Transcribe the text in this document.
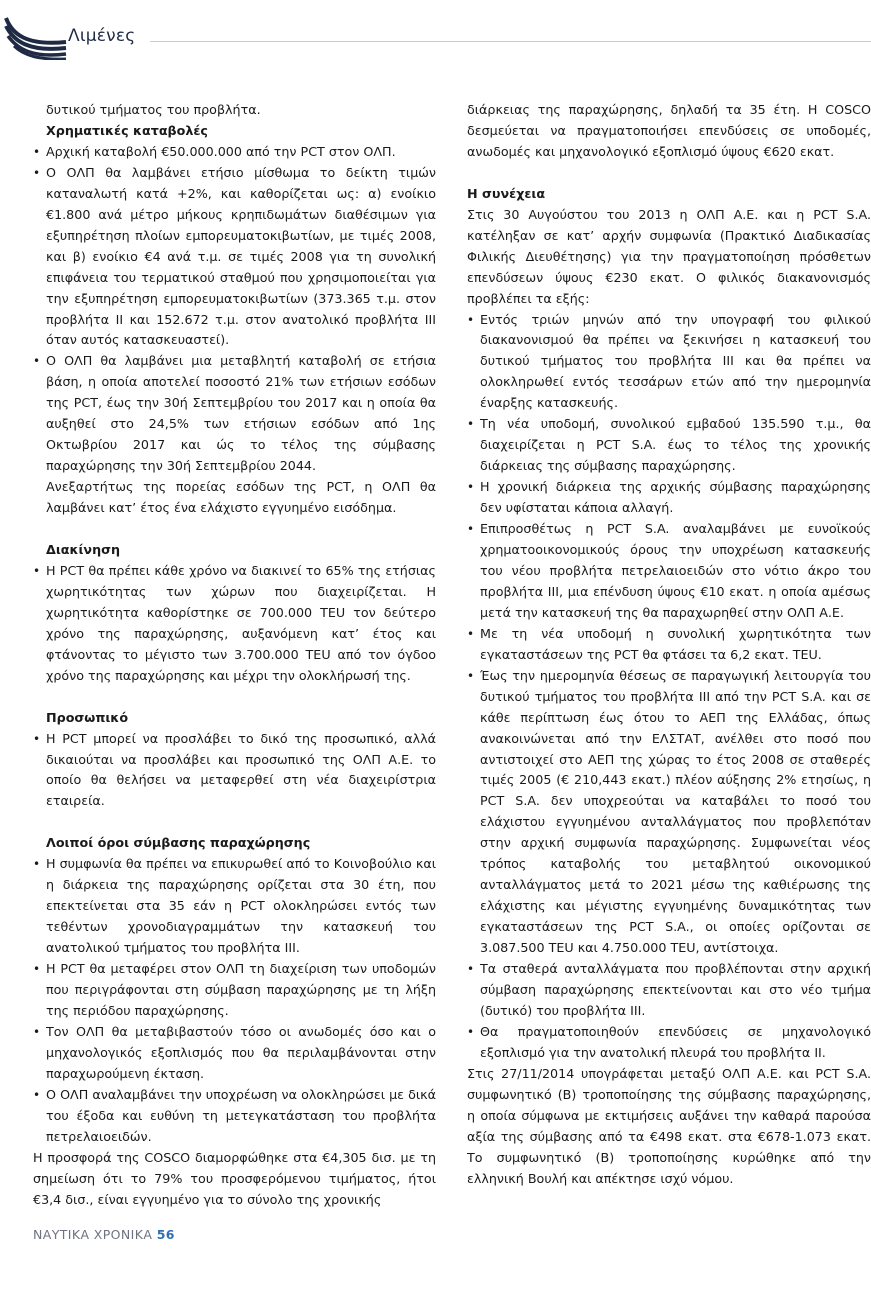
Λιμένες

δυτικού τμήματος του προβλήτα.

Χρηματικές καταβολές
• Αρχική καταβολή €50.000.000 από την PCT στον ΟΛΠ.
• Ο ΟΛΠ θα λαμβάνει ετήσιο μίσθωμα το δείκτη τιμών καταναλωτή κατά +2%, και καθορίζεται ως: α) ενοίκιο €1.800 ανά μέτρο μήκους κρηπιδωμάτων διαθέσιμων για εξυπηρέτηση πλοίων εμπορευματοκιβωτίων, με τιμές 2008, και β) ενοίκιο €4 ανά τ.μ. σε τιμές 2008 για τη συνολική επιφάνεια του τερματικού σταθμού που χρησιμοποιείται για την εξυπηρέτηση εμπορευματοκιβωτίων (373.365 τ.μ. στον προβλήτα ΙΙ και 152.672 τ.μ. στον ανατολικό προβλήτα ΙΙΙ όταν αυτός κατασκευαστεί).
• Ο ΟΛΠ θα λαμβάνει μια μεταβλητή καταβολή σε ετήσια βάση, η οποία αποτελεί ποσοστό 21% των ετήσιων εσόδων της PCT, έως την 30ή Σεπτεμβρίου του 2017 και η οποία θα αυξηθεί στο 24,5% των ετήσιων εσόδων από 1ης Οκτωβρίου 2017 και ώς το τέλος της σύμβασης παραχώρησης την 30ή Σεπτεμβρίου 2044.

Ανεξαρτήτως της πορείας εσόδων της PCT, η ΟΛΠ θα λαμβάνει κατ’ έτος ένα ελάχιστο εγγυημένο εισόδημα.

Διακίνηση
• Η PCT θα πρέπει κάθε χρόνο να διακινεί το 65% της ετήσιας χωρητικότητας των χώρων που διαχειρίζεται. Η χωρητικότητα καθορίστηκε σε 700.000 TEU τον δεύτερο χρόνο της παραχώρησης, αυξανόμενη κατ’ έτος και φτάνοντας το μέγιστο των 3.700.000 TEU από τον όγδοο χρόνο της παραχώρησης και μέχρι την ολοκλήρωσή της.
Προσωπικό
• Η PCT μπορεί να προσλάβει το δικό της προσωπικό, αλλά δικαιούται να προσλάβει και προσωπικό της ΟΛΠ Α.Ε. το οποίο θα θελήσει να μεταφερθεί στη νέα διαχειρίστρια εταιρεία.
Λοιποί όροι σύμβασης παραχώρησης
• Η συμφωνία θα πρέπει να επικυρωθεί από το Κοινοβούλιο και η διάρκεια της παραχώρησης ορίζεται στα 30 έτη, που επεκτείνεται στα 35 εάν η PCT ολοκληρώσει εντός των τεθέντων χρονοδιαγραμμάτων την κατασκευή του ανατολικού τμήματος του προβλήτα ΙΙΙ.
• Η PCT θα μεταφέρει στον ΟΛΠ τη διαχείριση των υποδομών που περιγράφονται στη σύμβαση παραχώρησης με τη λήξη της περιόδου παραχώρησης.
• Τον ΟΛΠ θα μεταβιβαστούν τόσο οι ανωδομές όσο και ο μηχανολογικός εξοπλισμός που θα περιλαμβάνονται στην παραχωρούμενη έκταση.
• Ο ΟΛΠ αναλαμβάνει την υποχρέωση να ολοκληρώσει με δικά του έξοδα και ευθύνη τη μετεγκατάσταση του προβλήτα πετρελαιοειδών.

Η προσφορά της COSCO διαμορφώθηκε στα €4,305 δισ. με τη σημείωση ότι το 79% του προσφερόμενου τιμήματος, ήτοι €3,4 δισ., είναι εγγυημένο για το σύνολο της χρονικής

διάρκειας της παραχώρησης, δηλαδή τα 35 έτη. Η COSCO δεσμεύεται να πραγματοποιήσει επενδύσεις σε υποδομές, ανωδομές και μηχανολογικό εξοπλισμό ύψους €620 εκατ.

Η συνέχεια

Στις 30 Αυγούστου του 2013 η ΟΛΠ Α.Ε. και η PCT S.A. κατέληξαν σε κατ’ αρχήν συμφωνία (Πρακτικό Διαδικασίας Φιλικής Διευθέτησης) για την πραγματοποίηση πρόσθετων επενδύσεων ύψους €230 εκατ. Ο φιλικός διακανονισμός προβλέπει τα εξής:

• Εντός τριών μηνών από την υπογραφή του φιλικού διακανονισμού θα πρέπει να ξεκινήσει η κατασκευή του δυτικού τμήματος του προβλήτα ΙΙΙ και θα πρέπει να ολοκληρωθεί εντός τεσσάρων ετών από την ημερομηνία έναρξης κατασκευής.
• Τη νέα υποδομή, συνολικού εμβαδού 135.590 τ.μ., θα διαχειρίζεται η PCT S.A. έως το τέλος της χρονικής διάρκειας της σύμβασης παραχώρησης.
• Η χρονική διάρκεια της αρχικής σύμβασης παραχώρησης δεν υφίσταται κάποια αλλαγή.
• Επιπροσθέτως η PCT S.A. αναλαμβάνει με ευνοϊκούς χρηματοοικονομικούς όρους την υποχρέωση κατασκευής του νέου προβλήτα πετρελαιοειδών στο νότιο άκρο του προβλήτα ΙΙΙ, μια επένδυση ύψους €10 εκατ. η οποία αμέσως μετά την κατασκευή της θα παραχωρηθεί στην ΟΛΠ Α.Ε.
• Με τη νέα υποδομή η συνολική χωρητικότητα των εγκαταστάσεων της PCT θα φτάσει τα 6,2 εκατ. TEU.
• Έως την ημερομηνία θέσεως σε παραγωγική λειτουργία του δυτικού τμήματος του προβλήτα ΙΙΙ από την PCT S.A. και σε κάθε περίπτωση έως ότου το ΑΕΠ της Ελλάδας, όπως ανακοινώνεται από την ΕΛΣΤΑΤ, ανέλθει στο ποσό που αντιστοιχεί στο ΑΕΠ της χώρας το έτος 2008 σε σταθερές τιμές 2005 (€ 210,443 εκατ.) πλέον αύξησης 2% ετησίως, η PCT S.A. δεν υποχρεούται να καταβάλει το ποσό του ελάχιστου εγγυημένου ανταλλάγματος που προβλεπόταν στην αρχική συμφωνία παραχώρησης. Συμφωνείται νέος τρόπος καταβολής του μεταβλητού οικονομικού ανταλλάγματος μετά το 2021 μέσω της καθιέρωσης της ελάχιστης και μέγιστης εγγυημένης δυναμικότητας των εγκαταστάσεων της PCT S.A., οι οποίες ορίζονται σε 3.087.500 TEU και 4.750.000 TEU, αντίστοιχα.
• Τα σταθερά ανταλλάγματα που προβλέπονται στην αρχική σύμβαση παραχώρησης επεκτείνονται και στο νέο τμήμα (δυτικό) του προβλήτα ΙΙΙ.
• Θα πραγματοποιηθούν επενδύσεις σε μηχανολογικό εξοπλισμό για την ανατολική πλευρά του προβλήτα ΙΙ.

Στις 27/11/2014 υπογράφεται μεταξύ ΟΛΠ Α.Ε. και PCT S.A. συμφωνητικό (Β) τροποποίησης της σύμβασης παραχώρησης, η οποία σύμφωνα με εκτιμήσεις αυξάνει την καθαρά παρούσα αξία της σύμβασης από τα €498 εκατ. στα €678-1.073 εκατ. Το συμφωνητικό (Β) τροποποίησης κυρώθηκε από την ελληνική Βουλή και απέκτησε ισχύ νόμου.

ΝΑΥΤΙΚΑ ΧΡΟΝΙΚΑ 56
